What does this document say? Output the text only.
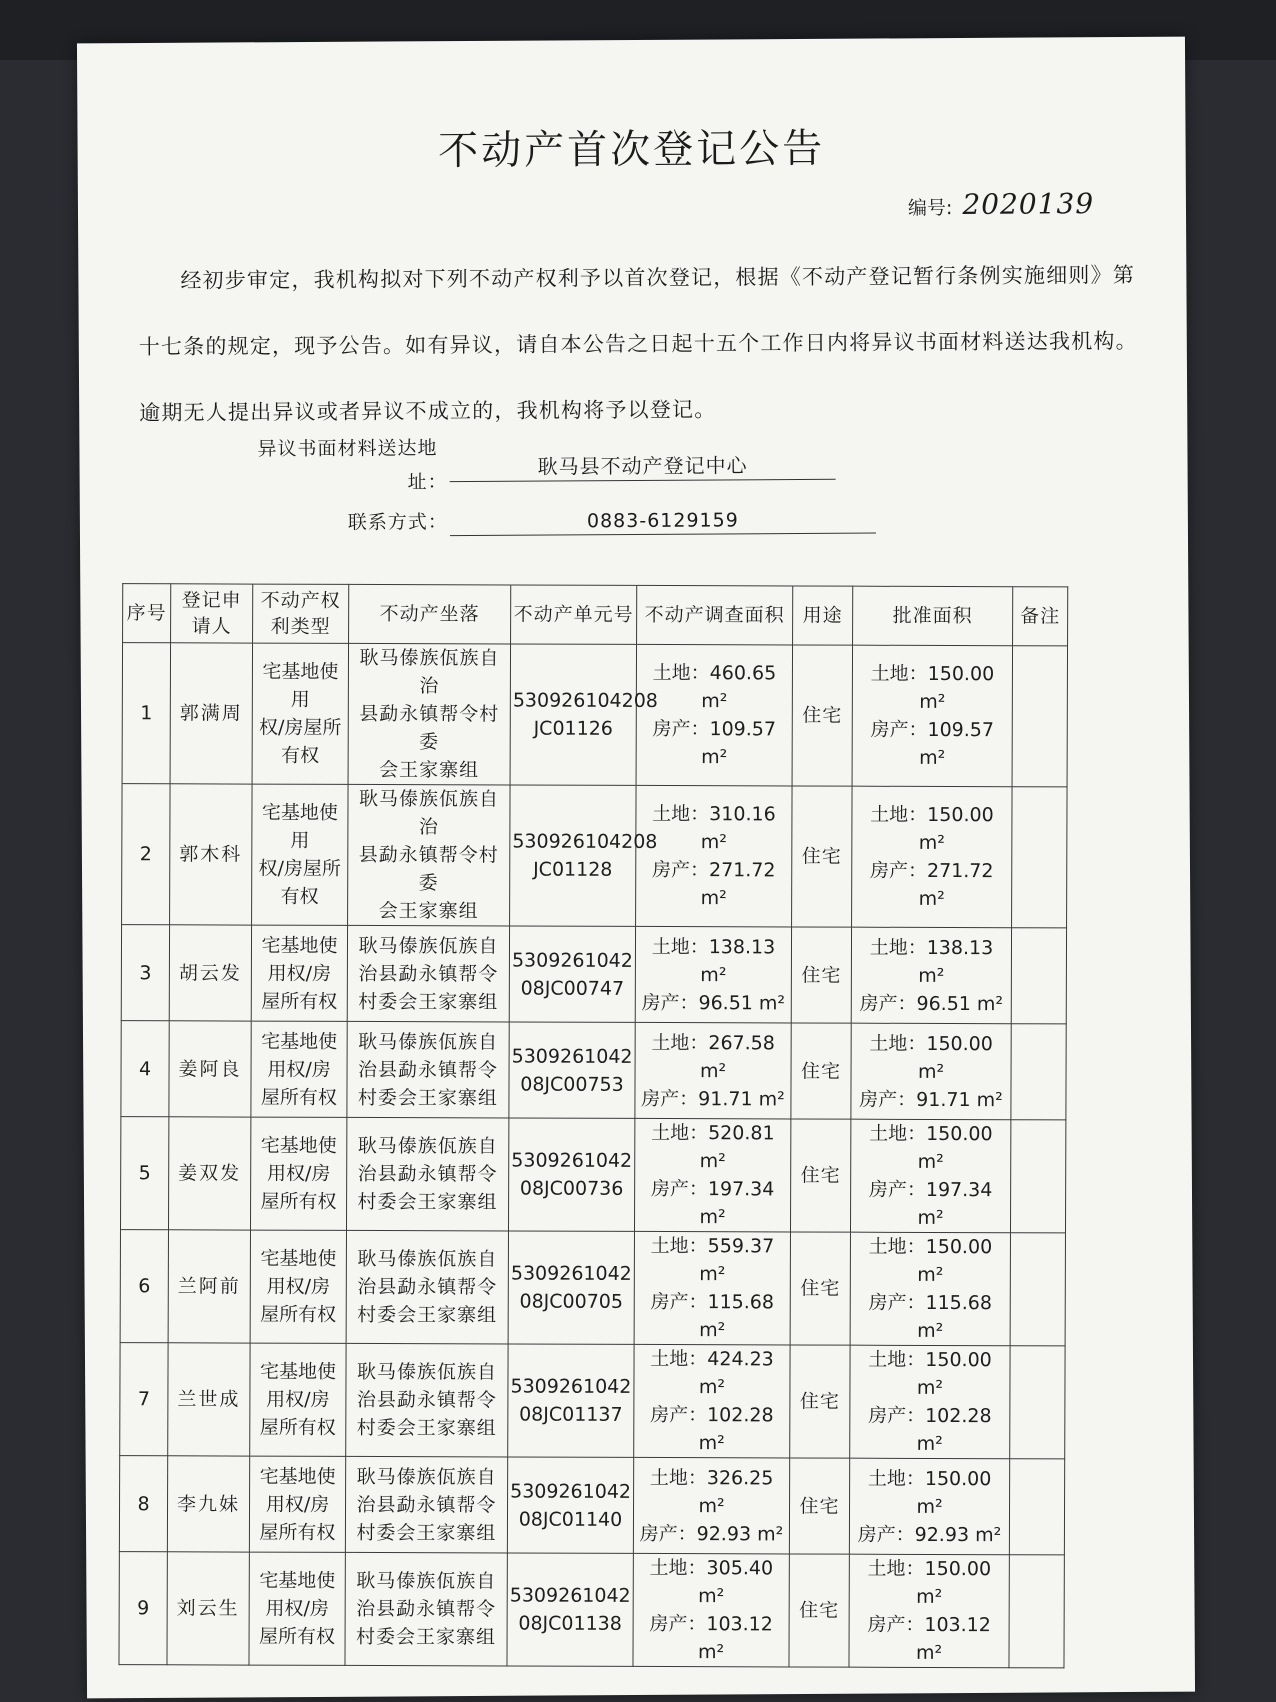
不动产首次登记公告
编号: 2020139
经初步审定，我机构拟对下列不动产权利予以首次登记，根据《不动产登记暂行条例实施细则》第十七条的规定，现予公告。如有异议，请自本公告之日起十五个工作日内将异议书面材料送达我机构。逾期无人提出异议或者异议不成立的，我机构将予以登记。
异议书面材料送达地
址：
耿马县不动产登记中心
联系方式：	0883-6129159
序号	登记申请人	不动产权利类型	不动产坐落	不动产单元号	不动产调查面积	用途	批准面积	备注
1	郭满周	宅基地使用
权/房屋所
有权	耿马傣族佤族自治
县勐永镇帮令村委
会王家寨组	530926104208
JC01126	土地：460.65 m²
房产：109.57 m²	住宅	土地：150.00 m²
房产：109.57 m²	

2	郭木科	宅基地使用
权/房屋所
有权	耿马傣族佤族自治
县勐永镇帮令村委
会王家寨组	530926104208
JC01128	土地：310.16 m²
房产：271.72 m²	住宅	土地：150.00 m²
房产：271.72 m²	

3	胡云发	宅基地使
用权/房
屋所有权	耿马傣族佤族自
治县勐永镇帮令
村委会王家寨组	5309261042
08JC00747	土地：138.13 m²
房产：96.51 m²	住宅	土地：138.13 m²
房产：96.51 m²	

4	姜阿良	宅基地使
用权/房
屋所有权	耿马傣族佤族自
治县勐永镇帮令
村委会王家寨组	5309261042
08JC00753	土地：267.58 m²
房产：91.71 m²	住宅	土地：150.00 m²
房产：91.71 m²	

5	姜双发	宅基地使
用权/房
屋所有权	耿马傣族佤族自
治县勐永镇帮令
村委会王家寨组	5309261042
08JC00736	土地：520.81 m²
房产：197.34 m²	住宅	土地：150.00 m²
房产：197.34 m²	

6	兰阿前	宅基地使
用权/房
屋所有权	耿马傣族佤族自
治县勐永镇帮令
村委会王家寨组	5309261042
08JC00705	土地：559.37 m²
房产：115.68 m²	住宅	土地：150.00 m²
房产：115.68 m²	

7	兰世成	宅基地使
用权/房
屋所有权	耿马傣族佤族自
治县勐永镇帮令
村委会王家寨组	5309261042
08JC01137	土地：424.23 m²
房产：102.28 m²	住宅	土地：150.00 m²
房产：102.28 m²	

8	李九妹	宅基地使
用权/房
屋所有权	耿马傣族佤族自
治县勐永镇帮令
村委会王家寨组	5309261042
08JC01140	土地：326.25 m²
房产：92.93 m²	住宅	土地：150.00 m²
房产：92.93 m²	

9	刘云生	宅基地使
用权/房
屋所有权	耿马傣族佤族自
治县勐永镇帮令
村委会王家寨组	5309261042
08JC01138	土地：305.40 m²
房产：103.12 m²	住宅	土地：150.00 m²
房产：103.12 m²	
